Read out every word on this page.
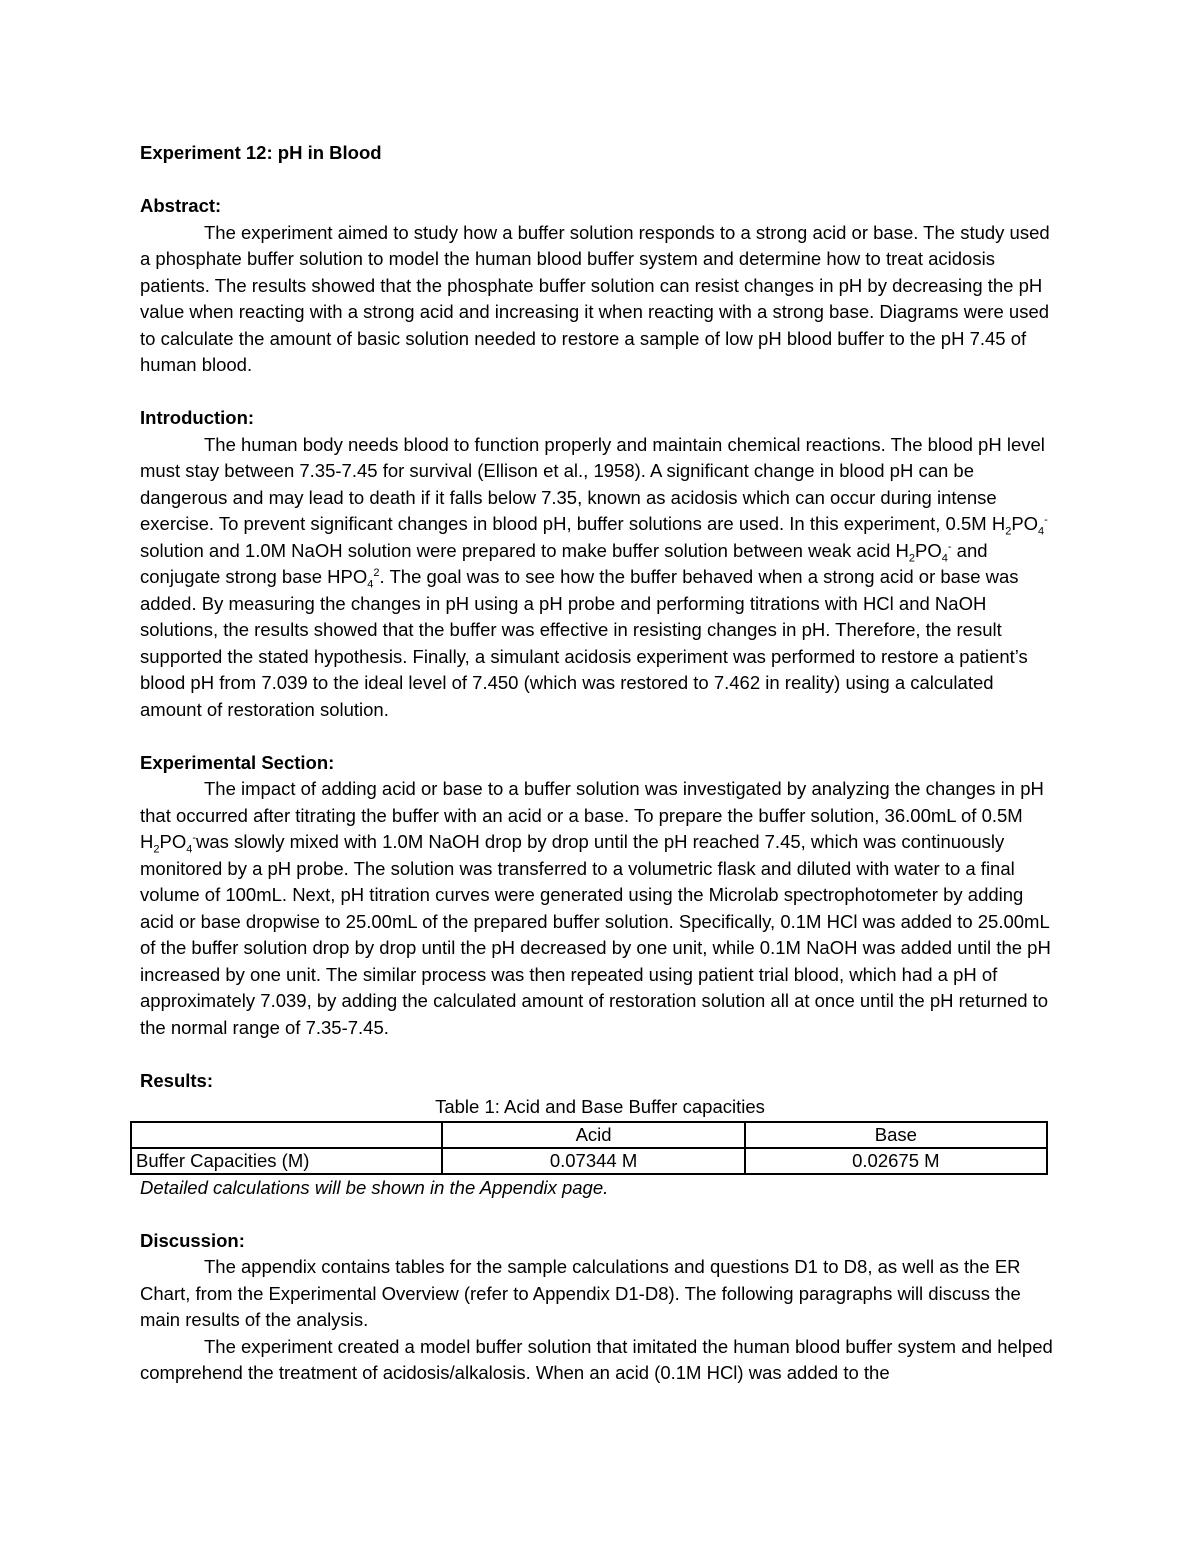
Experiment 12: pH in Blood

Abstract:

The experiment aimed to study how a buffer solution responds to a strong acid or base. The study used a phosphate buffer solution to model the human blood buffer system and determine how to treat acidosis patients. The results showed that the phosphate buffer solution can resist changes in pH by decreasing the pH value when reacting with a strong acid and increasing it when reacting with a strong base. Diagrams were used to calculate the amount of basic solution needed to restore a sample of low pH blood buffer to the pH 7.45 of human blood.

Introduction:

The human body needs blood to function properly and maintain chemical reactions. The blood pH level must stay between 7.35-7.45 for survival (Ellison et al., 1958). A significant change in blood pH can be dangerous and may lead to death if it falls below 7.35, known as acidosis which can occur during intense exercise. To prevent significant changes in blood pH, buffer solutions are used. In this experiment, 0.5M $H_2PO_4^-$ solution and 1.0M NaOH solution were prepared to make buffer solution between weak acid $H_2PO_4^-$ and conjugate strong base $HPO_4^2$. The goal was to see how the buffer behaved when a strong acid or base was added. By measuring the changes in pH using a pH probe and performing titrations with HCl and NaOH solutions, the results showed that the buffer was effective in resisting changes in pH. Therefore, the result supported the stated hypothesis. Finally, a simulant acidosis experiment was performed to restore a patient’s blood pH from 7.039 to the ideal level of 7.450 (which was restored to 7.462 in reality) using a calculated amount of restoration solution.

Experimental Section:

The impact of adding acid or base to a buffer solution was investigated by analyzing the changes in pH that occurred after titrating the buffer with an acid or a base. To prepare the buffer solution, 36.00mL of 0.5M $H_2PO_4^-was$ slowly mixed with 1.0M NaOH drop by drop until the pH reached 7.45, which was continuously monitored by a pH probe. The solution was transferred to a volumetric flask and diluted with water to a final volume of 100mL. Next, pH titration curves were generated using the Microlab spectrophotometer by adding acid or base dropwise to 25.00mL of the prepared buffer solution. Specifically, 0.1M HCl was added to 25.00mL of the buffer solution drop by drop until the pH decreased by one unit, while 0.1M NaOH was added until the pH increased by one unit. The similar process was then repeated using patient trial blood, which had a pH of approximately 7.039, by adding the calculated amount of restoration solution all at once until the pH returned to the normal range of 7.35-7.45.

Results:

Table 1: Acid and Base Buffer capacities

	Acid	Base
Buffer Capacities (M)	0.07344 M	0.02675 M

Detailed calculations will be shown in the Appendix page.

Discussion:

The appendix contains tables for the sample calculations and questions D1 to D8, as well as the ER Chart, from the Experimental Overview (refer to Appendix D1-D8). The following paragraphs will discuss the main results of the analysis.

The experiment created a model buffer solution that imitated the human blood buffer system and helped comprehend the treatment of acidosis/alkalosis. When an acid (0.1M HCl) was added to the
